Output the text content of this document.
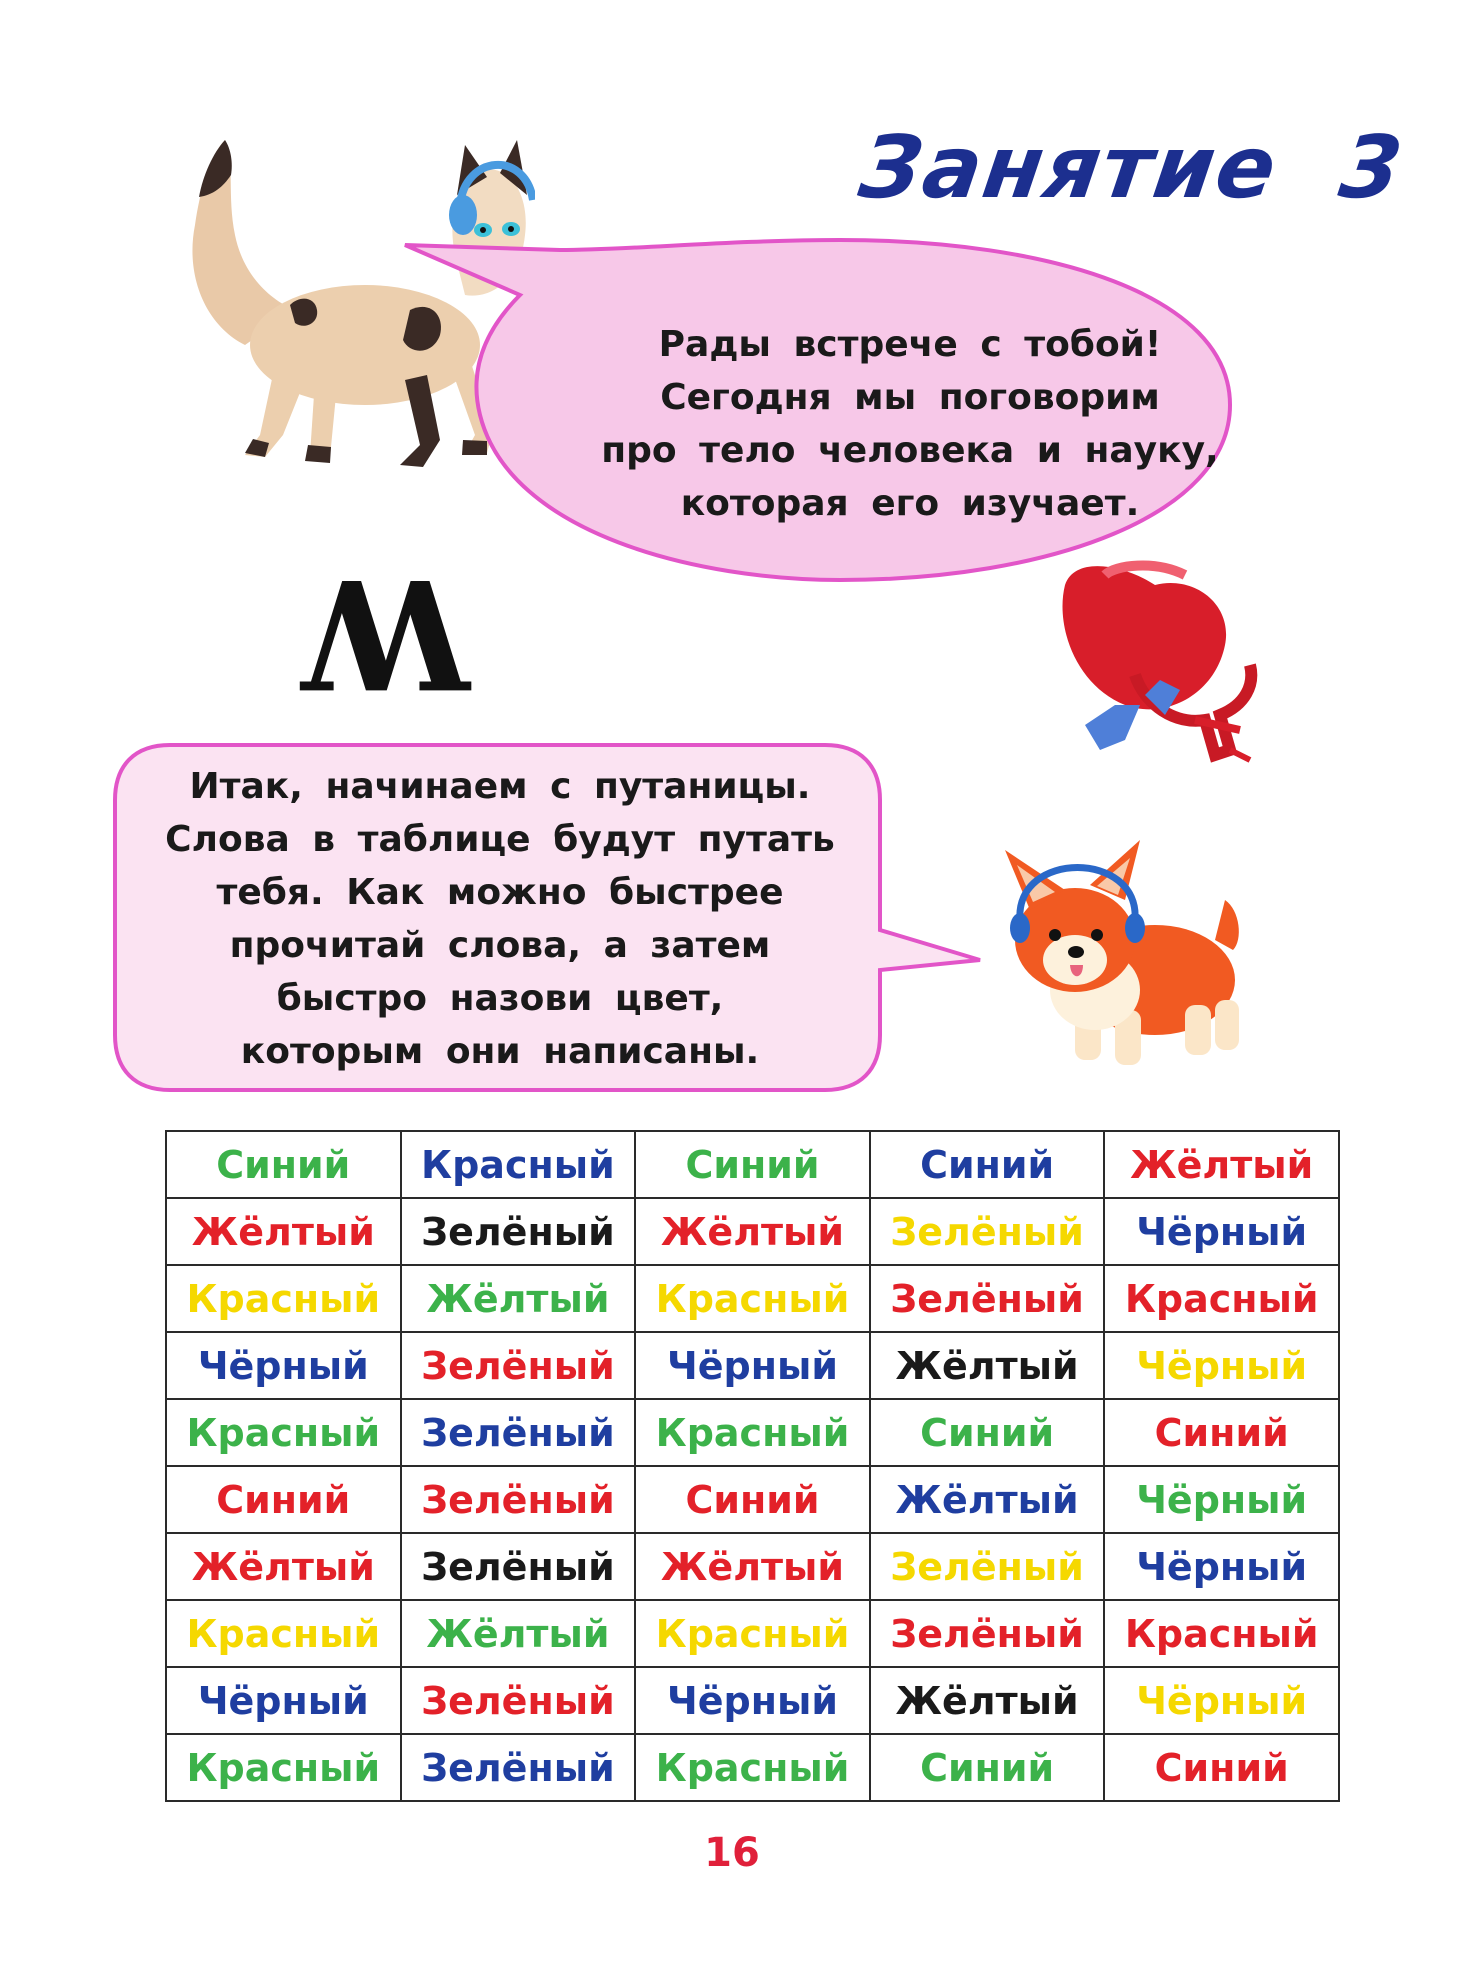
Занятие 3
Рады встрече с тобой!
Сегодня мы поговорим
про тело человека и науку,
которая его изучает.
W
Итак, начинаем с путаницы.
Слова в таблице будут путать
тебя. Как можно быстрее
прочитай слова, а затем
быстро назови цвет,
которым они написаны.
Синий	Красный	Синий	Синий	Жёлтый
Жёлтый	Зелёный	Жёлтый	Зелёный	Чёрный
Красный	Жёлтый	Красный	Зелёный	Красный
Чёрный	Зелёный	Чёрный	Жёлтый	Чёрный
Красный	Зелёный	Красный	Синий	Синий
Синий	Зелёный	Синий	Жёлтый	Чёрный
Жёлтый	Зелёный	Жёлтый	Зелёный	Чёрный
Красный	Жёлтый	Красный	Зелёный	Красный
Чёрный	Зелёный	Чёрный	Жёлтый	Чёрный
Красный	Зелёный	Красный	Синий	Синий
16
